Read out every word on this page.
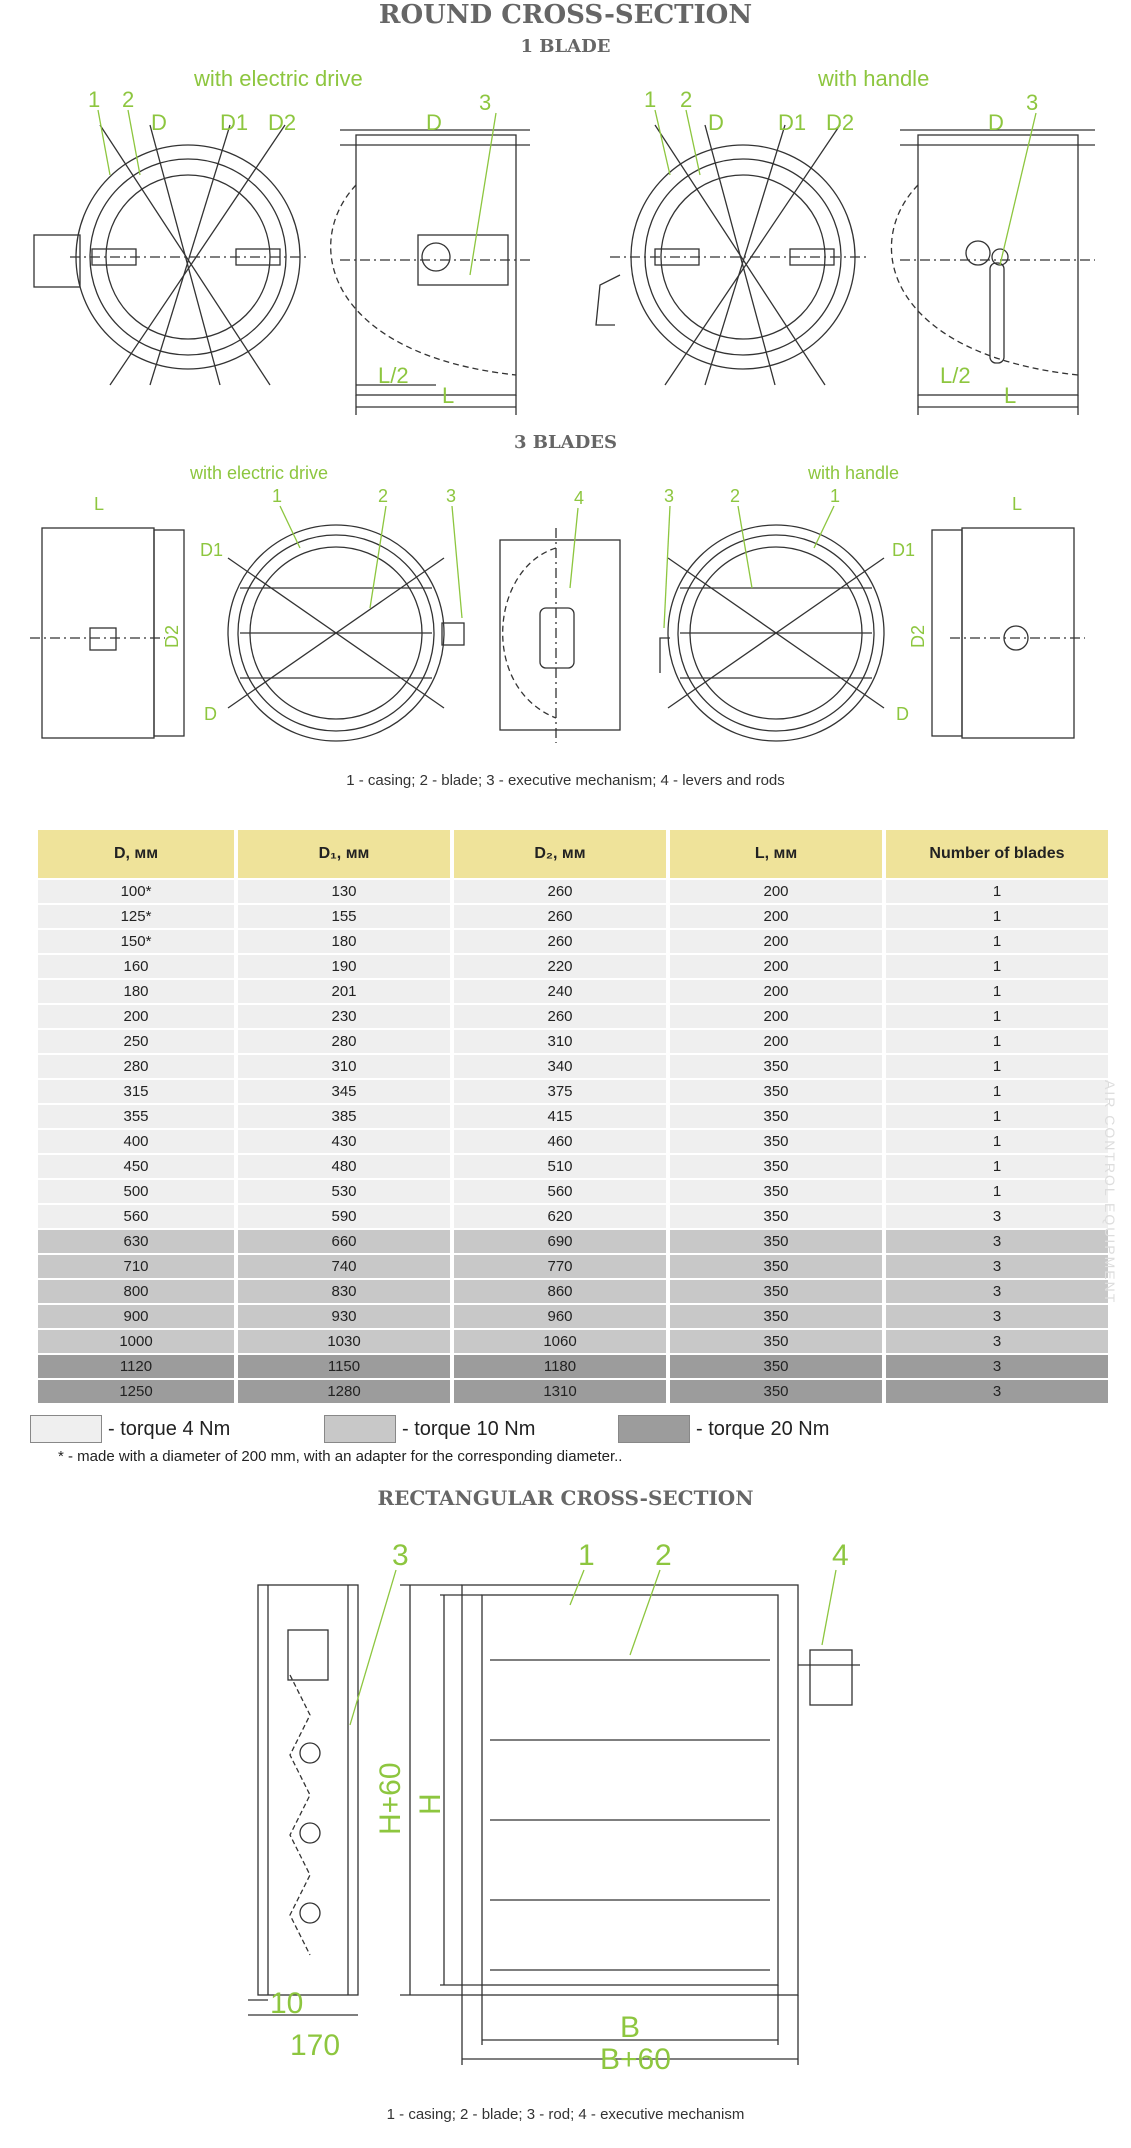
ROUND CROSS-SECTION
1 BLADE
with electric drive	with handle
1 2
D D1 D2	D
3
L/2
L
1 2
D D1 D2	D
3
L/2
L
3 BLADES
with electric drive	with handle
L	1	2	3	4
D1
D
3	2	1
D1
D
L
D2	D2
1 - casing; 2 - blade; 3 - executive mechanism; 4 - levers and rods
D, мм	D₁, мм	D₂, мм	L, мм	Number of blades
100*	130	260	200	1
125*	155	260	200	1
150*	180	260	200	1
160	190	220	200	1
180	201	240	200	1
200	230	260	200	1
250	280	310	200	1
280	310	340	350	1
315	345	375	350	1
355	385	415	350	1
400	430	460	350	1
450	480	510	350	1
500	530	560	350	1
560	590	620	350	3
630	660	690	350	3
710	740	770	350	3
800	830	860	350	3
900	930	960	350	3
1000	1030	1060	350	3
1120	1150	1180	350	3
1250	1280	1310	350	3
- torque 4 Nm	- torque 10 Nm	- torque 20 Nm
* - made with a diameter of 200 mm, with an adapter for the corresponding diameter..
AIR CONTROL EQUIPMENT
RECTANGULAR CROSS-SECTION
3	1 2	4
10
170
B
B+60
H+60 H
1 - casing; 2 - blade; 3 - rod; 4 - executive mechanism
